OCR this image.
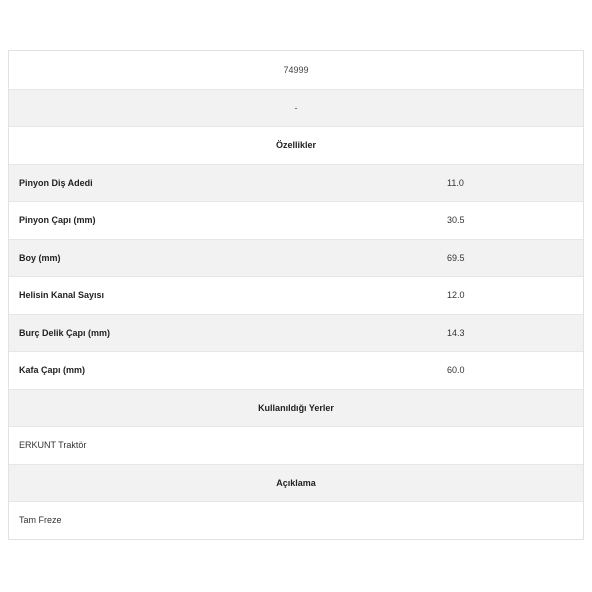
74999
-
Özellikler
Pinyon Diş Adedi	11.0
Pinyon Çapı (mm)	30.5
Boy (mm)	69.5
Helisin Kanal Sayısı	12.0
Burç Delik Çapı (mm)	14.3
Kafa Çapı (mm)	60.0
Kullanıldığı Yerler
ERKUNT Traktör
Açıklama
Tam Freze
